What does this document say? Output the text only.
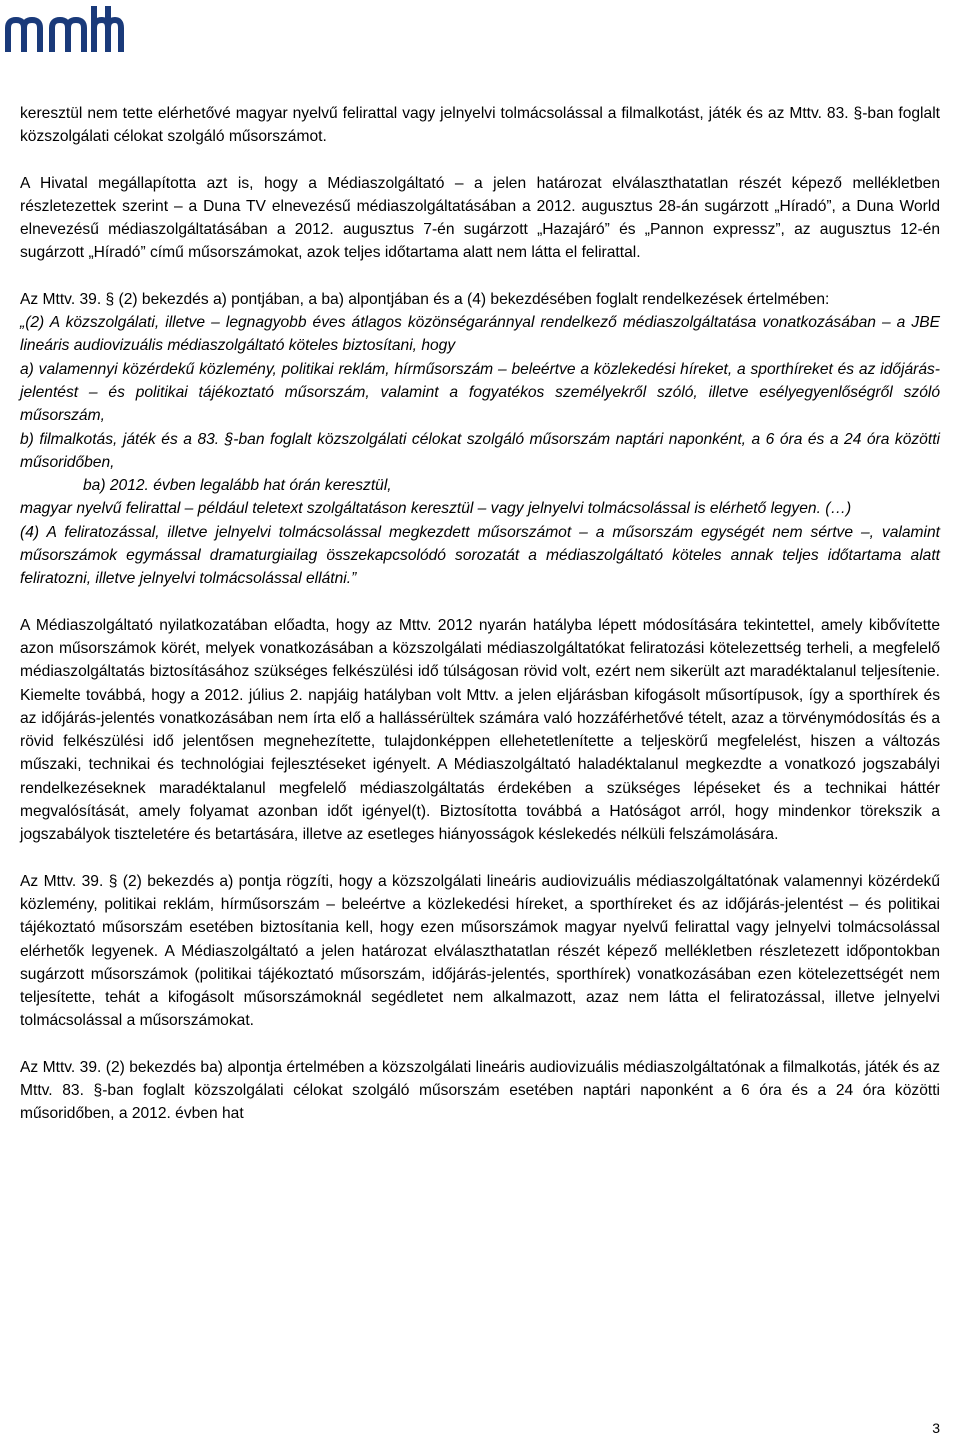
keresztül nem tette elérhetővé magyar nyelvű felirattal vagy jelnyelvi tolmácsolással a filmalkotást, játék és az Mttv. 83. §-ban foglalt közszolgálati célokat szolgáló műsorszámot.

A Hivatal megállapította azt is, hogy a Médiaszolgáltató – a jelen határozat elválaszthatatlan részét képező mellékletben részletezettek szerint – a Duna TV elnevezésű médiaszolgáltatásában a 2012. augusztus 28-án sugárzott „Híradó”, a Duna World elnevezésű médiaszolgáltatásában a 2012. augusztus 7-én sugárzott „Hazajáró” és „Pannon expressz”, az augusztus 12-én sugárzott „Híradó” című műsorszámokat, azok teljes időtartama alatt nem látta el felirattal.

Az Mttv. 39. § (2) bekezdés a) pontjában, a ba) alpontjában és a (4) bekezdésében foglalt rendelkezések értelmében:

„(2) A közszolgálati, illetve – legnagyobb éves átlagos közönségaránnyal rendelkező médiaszolgáltatása vonatkozásában – a JBE lineáris audiovizuális médiaszolgáltató köteles biztosítani, hogy

a) valamennyi közérdekű közlemény, politikai reklám, hírműsorszám – beleértve a közlekedési híreket, a sporthíreket és az időjárás-jelentést – és politikai tájékoztató műsorszám, valamint a fogyatékos személyekről szóló, illetve esélyegyenlőségről szóló műsorszám,

b) filmalkotás, játék és a 83. §-ban foglalt közszolgálati célokat szolgáló műsorszám naptári naponként, a 6 óra és a 24 óra közötti műsoridőben,

ba) 2012. évben legalább hat órán keresztül,

magyar nyelvű felirattal – például teletext szolgáltatáson keresztül – vagy jelnyelvi tolmácsolással is elérhető legyen. (…)

(4) A feliratozással, illetve jelnyelvi tolmácsolással megkezdett műsorszámot – a műsorszám egységét nem sértve –, valamint műsorszámok egymással dramaturgiailag összekapcsolódó sorozatát a médiaszolgáltató köteles annak teljes időtartama alatt feliratozni, illetve jelnyelvi tolmácsolással ellátni.”

A Médiaszolgáltató nyilatkozatában előadta, hogy az Mttv. 2012 nyarán hatályba lépett módosítására tekintettel, amely kibővítette azon műsorszámok körét, melyek vonatkozásában a közszolgálati médiaszolgáltatókat feliratozási kötelezettség terheli, a megfelelő médiaszolgáltatás biztosításához szükséges felkészülési idő túlságosan rövid volt, ezért nem sikerült azt maradéktalanul teljesítenie. Kiemelte továbbá, hogy a 2012. július 2. napjáig hatályban volt Mttv. a jelen eljárásban kifogásolt műsortípusok, így a sporthírek és az időjárás-jelentés vonatkozásában nem írta elő a hallássérültek számára való hozzáférhetővé tételt, azaz a törvénymódosítás és a rövid felkészülési idő jelentősen megnehezítette, tulajdonképpen ellehetetlenítette a teljeskörű megfelelést, hiszen a változás műszaki, technikai és technológiai fejlesztéseket igényelt. A Médiaszolgáltató haladéktalanul megkezdte a vonatkozó jogszabályi rendelkezéseknek maradéktalanul megfelelő médiaszolgáltatás érdekében a szükséges lépéseket és a technikai háttér megvalósítását, amely folyamat azonban időt igényel(t). Biztosította továbbá a Hatóságot arról, hogy mindenkor törekszik a jogszabályok tiszteletére és betartására, illetve az esetleges hiányosságok késlekedés nélküli felszámolására.

Az Mttv. 39. § (2) bekezdés a) pontja rögzíti, hogy a közszolgálati lineáris audiovizuális médiaszolgáltatónak valamennyi közérdekű közlemény, politikai reklám, hírműsorszám – beleértve a közlekedési híreket, a sporthíreket és az időjárás-jelentést – és politikai tájékoztató műsorszám esetében biztosítania kell, hogy ezen műsorszámok magyar nyelvű felirattal vagy jelnyelvi tolmácsolással elérhetők legyenek. A Médiaszolgáltató a jelen határozat elválaszthatatlan részét képező mellékletben részletezett időpontokban sugárzott műsorszámok (politikai tájékoztató műsorszám, időjárás-jelentés, sporthírek) vonatkozásában ezen kötelezettségét nem teljesítette, tehát a kifogásolt műsorszámoknál segédletet nem alkalmazott, azaz nem látta el feliratozással, illetve jelnyelvi tolmácsolással a műsorszámokat.

Az Mttv. 39. (2) bekezdés ba) alpontja értelmében a közszolgálati lineáris audiovizuális médiaszolgáltatónak a filmalkotás, játék és az Mttv. 83. §-ban foglalt közszolgálati célokat szolgáló műsorszám esetében naptári naponként a 6 óra és a 24 óra közötti műsoridőben, a 2012. évben hat

3
